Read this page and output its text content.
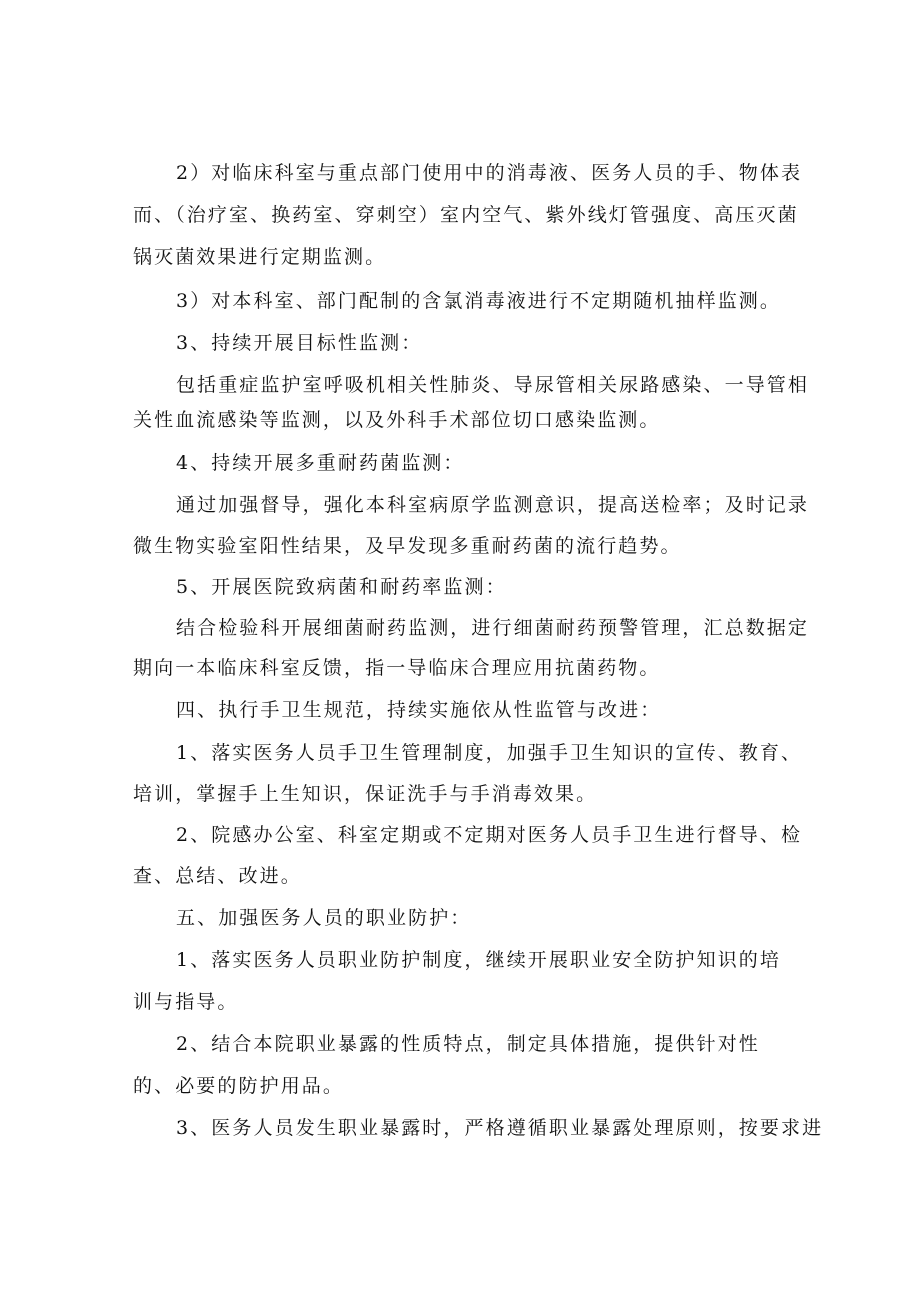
2）对临床科室与重点部门使用中的消毒液、医务人员的手、物体表
而、（治疗室、换药室、穿刺空）室内空气、紫外线灯管强度、高压灭菌
锅灭菌效果进行定期监测。
3）对本科室、部门配制的含氯消毒液进行不定期随机抽样监测。
3、持续开展目标性监测：
包括重症监护室呼吸机相关性肺炎、导尿管相关尿路感染、一导管相
关性血流感染等监测，以及外科手术部位切口感染监测。
4、持续开展多重耐药菌监测：
通过加强督导，强化本科室病原学监测意识，提高送检率；及时记录
微生物实验室阳性结果，及早发现多重耐药菌的流行趋势。
5、开展医院致病菌和耐药率监测：
结合检验科开展细菌耐药监测，进行细菌耐药预警管理，汇总数据定
期向一本临床科室反馈，指一导临床合理应用抗菌药物。
四、执行手卫生规范，持续实施依从性监管与改进：
1、落实医务人员手卫生管理制度，加强手卫生知识的宣传、教育、
培训，掌握手上生知识，保证洗手与手消毒效果。
2、院感办公室、科室定期或不定期对医务人员手卫生进行督导、检
查、总结、改进。
五、加强医务人员的职业防护：
1、落实医务人员职业防护制度，继续开展职业安全防护知识的培
训与指导。
2、结合本院职业暴露的性质特点，制定具体措施，提供针对性
的、必要的防护用品。
3、医务人员发生职业暴露时，严格遵循职业暴露处理原则，按要求进
